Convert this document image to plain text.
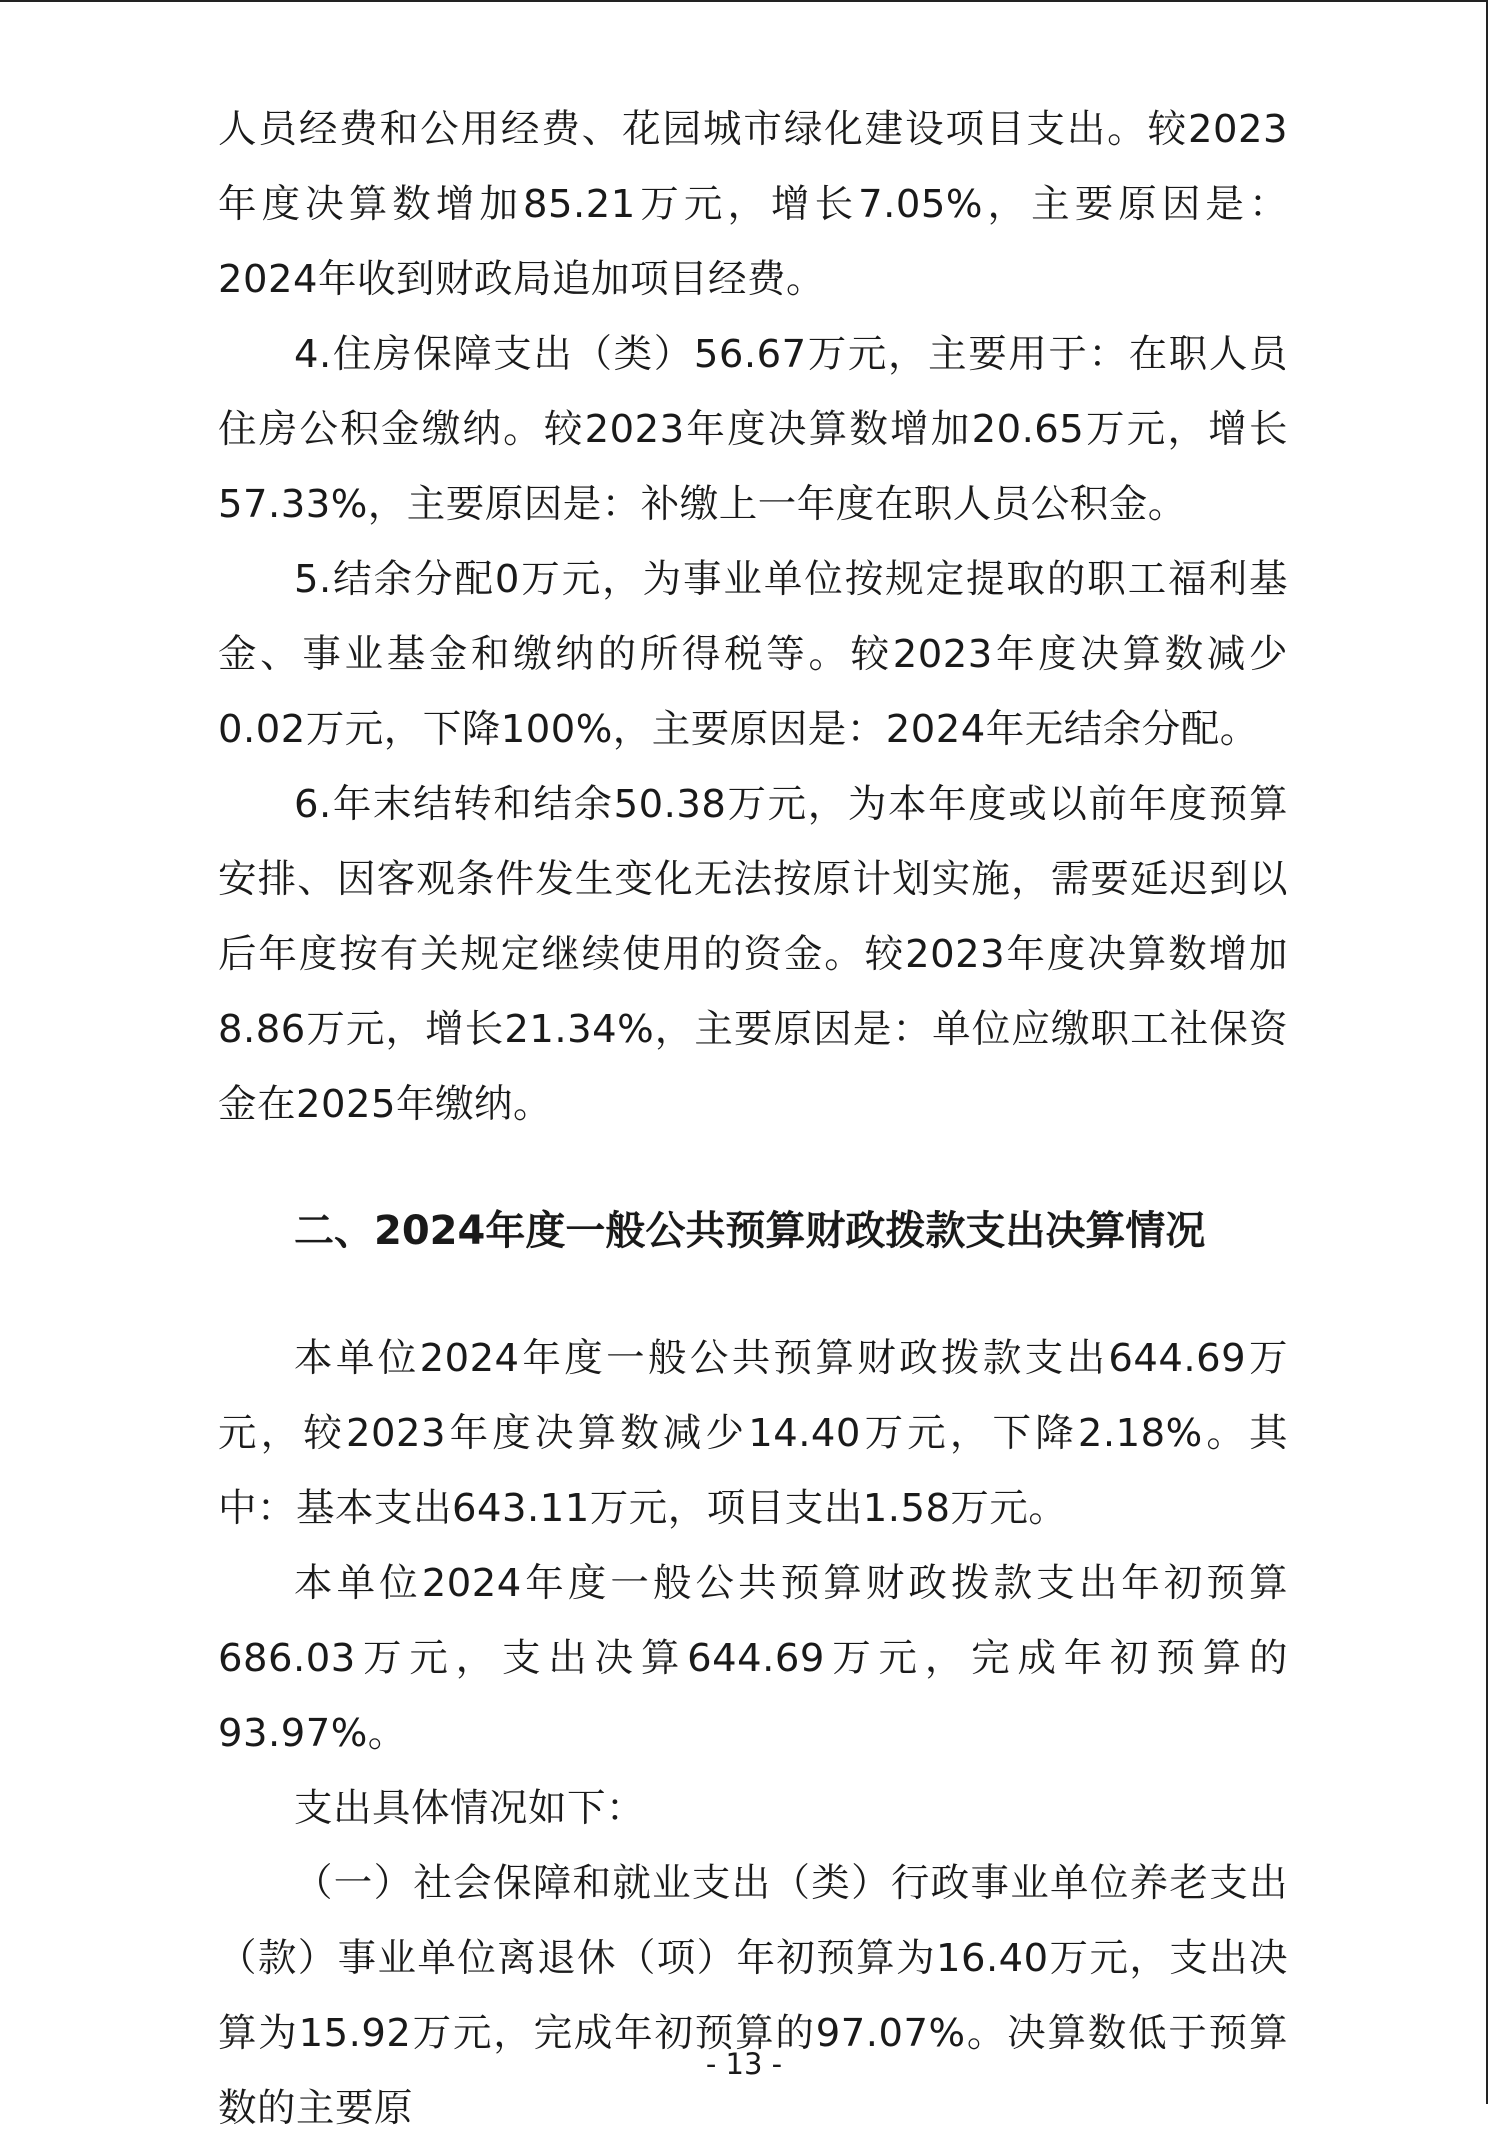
人员经费和公用经费、花园城市绿化建设项目支出。较2023年度决算数增加85.21万元，增长7.05%，主要原因是：2024年收到财政局追加项目经费。

4.住房保障支出（类）56.67万元，主要用于：在职人员住房公积金缴纳。较2023年度决算数增加20.65万元，增长57.33%，主要原因是：补缴上一年度在职人员公积金。

5.结余分配0万元，为事业单位按规定提取的职工福利基金、事业基金和缴纳的所得税等。较2023年度决算数减少0.02万元，下降100%，主要原因是：2024年无结余分配。

6.年末结转和结余50.38万元，为本年度或以前年度预算安排、因客观条件发生变化无法按原计划实施，需要延迟到以后年度按有关规定继续使用的资金。较2023年度决算数增加8.86万元，增长21.34%，主要原因是：单位应缴职工社保资金在2025年缴纳。

二、2024年度一般公共预算财政拨款支出决算情况

本单位2024年度一般公共预算财政拨款支出644.69万元，较2023年度决算数减少14.40万元，下降2.18%。其中：基本支出643.11万元，项目支出1.58万元。

本单位2024年度一般公共预算财政拨款支出年初预算686.03万元，支出决算644.69万元，完成年初预算的93.97%。

支出具体情况如下：

（一）社会保障和就业支出（类）行政事业单位养老支出（款）事业单位离退休（项）年初预算为16.40万元，支出决算为15.92万元，完成年初预算的97.07%。决算数低于预算数的主要原

- 13 -
